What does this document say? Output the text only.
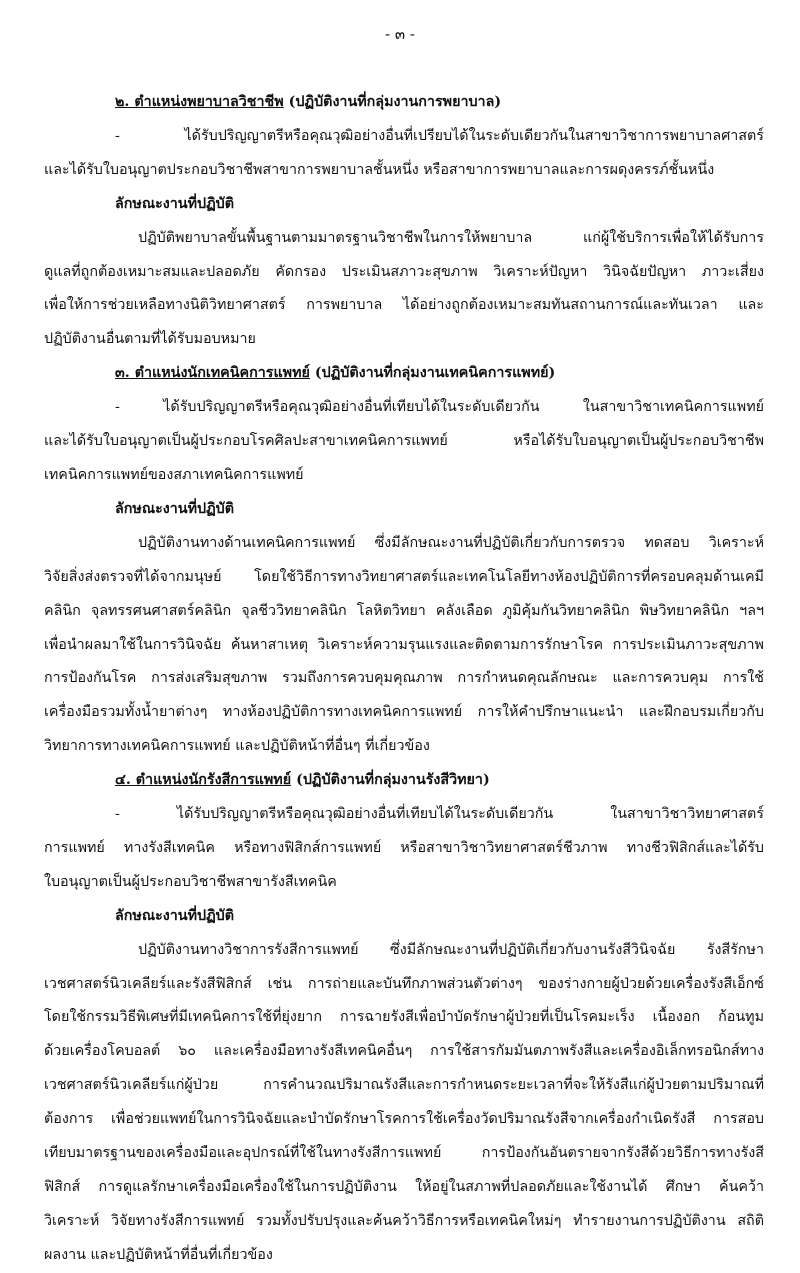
- ๓ -
๒. ตำแหน่งพยาบาลวิชาชีพ (ปฏิบัติงานที่กลุ่มงานการพยาบาล)
- ได้รับปริญญาตรีหรือคุณวุฒิอย่างอื่นที่เปรียบได้ในระดับเดียวกันในสาขาวิชาการพยาบาลศาสตร์
และได้รับใบอนุญาตประกอบวิชาชีพสาขาการพยาบาลชั้นหนึ่ง หรือสาขาการพยาบาลและการผดุงครรภ์ชั้นหนึ่ง
ลักษณะงานที่ปฏิบัติ
ปฏิบัติพยาบาลขั้นพื้นฐานตามมาตรฐานวิชาชีพในการให้พยาบาล แก่ผู้ใช้บริการเพื่อให้ได้รับการ
ดูแลที่ถูกต้องเหมาะสมและปลอดภัย คัดกรอง ประเมินสภาวะสุขภาพ วิเคราะห์ปัญหา วินิจฉัยปัญหา ภาวะเสี่ยง
เพื่อให้การช่วยเหลือทางนิติวิทยาศาสตร์ การพยาบาล ได้อย่างถูกต้องเหมาะสมทันสถานการณ์และทันเวลา และ
ปฏิบัติงานอื่นตามที่ได้รับมอบหมาย
๓. ตำแหน่งนักเทคนิคการแพทย์ (ปฏิบัติงานที่กลุ่มงานเทคนิคการแพทย์)
- ได้รับปริญญาตรีหรือคุณวุฒิอย่างอื่นที่เทียบได้ในระดับเดียวกัน ในสาขาวิชาเทคนิคการแพทย์
และได้รับใบอนุญาตเป็นผู้ประกอบโรคศิลปะสาขาเทคนิคการแพทย์ หรือได้รับใบอนุญาตเป็นผู้ประกอบวิชาชีพ
เทคนิคการแพทย์ของสภาเทคนิคการแพทย์
ลักษณะงานที่ปฏิบัติ
ปฏิบัติงานทางด้านเทคนิคการแพทย์ ซึ่งมีลักษณะงานที่ปฏิบัติเกี่ยวกับการตรวจ ทดสอบ วิเคราะห์
วิจัยสิ่งส่งตรวจที่ได้จากมนุษย์ โดยใช้วิธีการทางวิทยาศาสตร์และเทคโนโลยีทางห้องปฏิบัติการที่ครอบคลุมด้านเคมี
คลินิก จุลทรรศนศาสตร์คลินิก จุลชีววิทยาคลินิก โลหิตวิทยา คลังเลือด ภูมิคุ้มกันวิทยาคลินิก พิษวิทยาคลินิก ฯลฯ
เพื่อนำผลมาใช้ในการวินิจฉัย ค้นหาสาเหตุ วิเคราะห์ความรุนแรงและติดตามการรักษาโรค การประเมินภาวะสุขภาพ
การป้องกันโรค การส่งเสริมสุขภาพ รวมถึงการควบคุมคุณภาพ การกำหนดคุณลักษณะ และการควบคุม การใช้
เครื่องมือรวมทั้งน้ำยาต่างๆ ทางห้องปฏิบัติการทางเทคนิคการแพทย์ การให้คำปรึกษาแนะนำ และฝึกอบรมเกี่ยวกับ
วิทยาการทางเทคนิคการแพทย์ และปฏิบัติหน้าที่อื่นๆ ที่เกี่ยวข้อง
๔. ตำแหน่งนักรังสีการแพทย์ (ปฏิบัติงานที่กลุ่มงานรังสีวิทยา)
- ได้รับปริญญาตรีหรือคุณวุฒิอย่างอื่นที่เทียบได้ในระดับเดียวกัน ในสาขาวิชาวิทยาศาสตร์
การแพทย์ ทางรังสีเทคนิค หรือทางฟิสิกส์การแพทย์ หรือสาขาวิชาวิทยาศาสตร์ชีวภาพ ทางชีวฟิสิกส์และได้รับ
ใบอนุญาตเป็นผู้ประกอบวิชาชีพสาขารังสีเทคนิค
ลักษณะงานที่ปฏิบัติ
ปฏิบัติงานทางวิชาการรังสีการแพทย์ ซึ่งมีลักษณะงานที่ปฏิบัติเกี่ยวกับงานรังสีวินิจฉัย รังสีรักษา
เวชศาสตร์นิวเคลียร์และรังสีฟิสิกส์ เช่น การถ่ายและบันทึกภาพส่วนตัวต่างๆ ของร่างกายผู้ป่วยด้วยเครื่องรังสีเอ็กซ์
โดยใช้กรรมวิธีพิเศษที่มีเทคนิคการใช้ที่ยุ่งยาก การฉายรังสีเพื่อบำบัดรักษาผู้ป่วยที่เป็นโรคมะเร็ง เนื้องอก ก้อนทูม
ด้วยเครื่องโคบอลต์ ๖๐ และเครื่องมือทางรังสีเทคนิคอื่นๆ การใช้สารกัมมันตภาพรังสีและเครื่องอิเล็กทรอนิกส์ทาง
เวชศาสตร์นิวเคลียร์แก่ผู้ป่วย การคำนวณปริมาณรังสีและการกำหนดระยะเวลาที่จะให้รังสีแก่ผู้ป่วยตามปริมาณที่
ต้องการ เพื่อช่วยแพทย์ในการวินิจฉัยและบำบัดรักษาโรคการใช้เครื่องวัดปริมาณรังสีจากเครื่องกำเนิดรังสี การสอบ
เทียบมาตรฐานของเครื่องมือและอุปกรณ์ที่ใช้ในทางรังสีการแพทย์ การป้องกันอันตรายจากรังสีด้วยวิธีการทางรังสี
ฟิสิกส์ การดูแลรักษาเครื่องมือเครื่องใช้ในการปฏิบัติงาน ให้อยู่ในสภาพที่ปลอดภัยและใช้งานได้ ศึกษา ค้นคว้า
วิเคราะห์ วิจัยทางรังสีการแพทย์ รวมทั้งปรับปรุงและค้นคว้าวิธีการหรือเทคนิคใหม่ๆ ทำรายงานการปฏิบัติงาน สถิติ
ผลงาน และปฏิบัติหน้าที่อื่นที่เกี่ยวข้อง
